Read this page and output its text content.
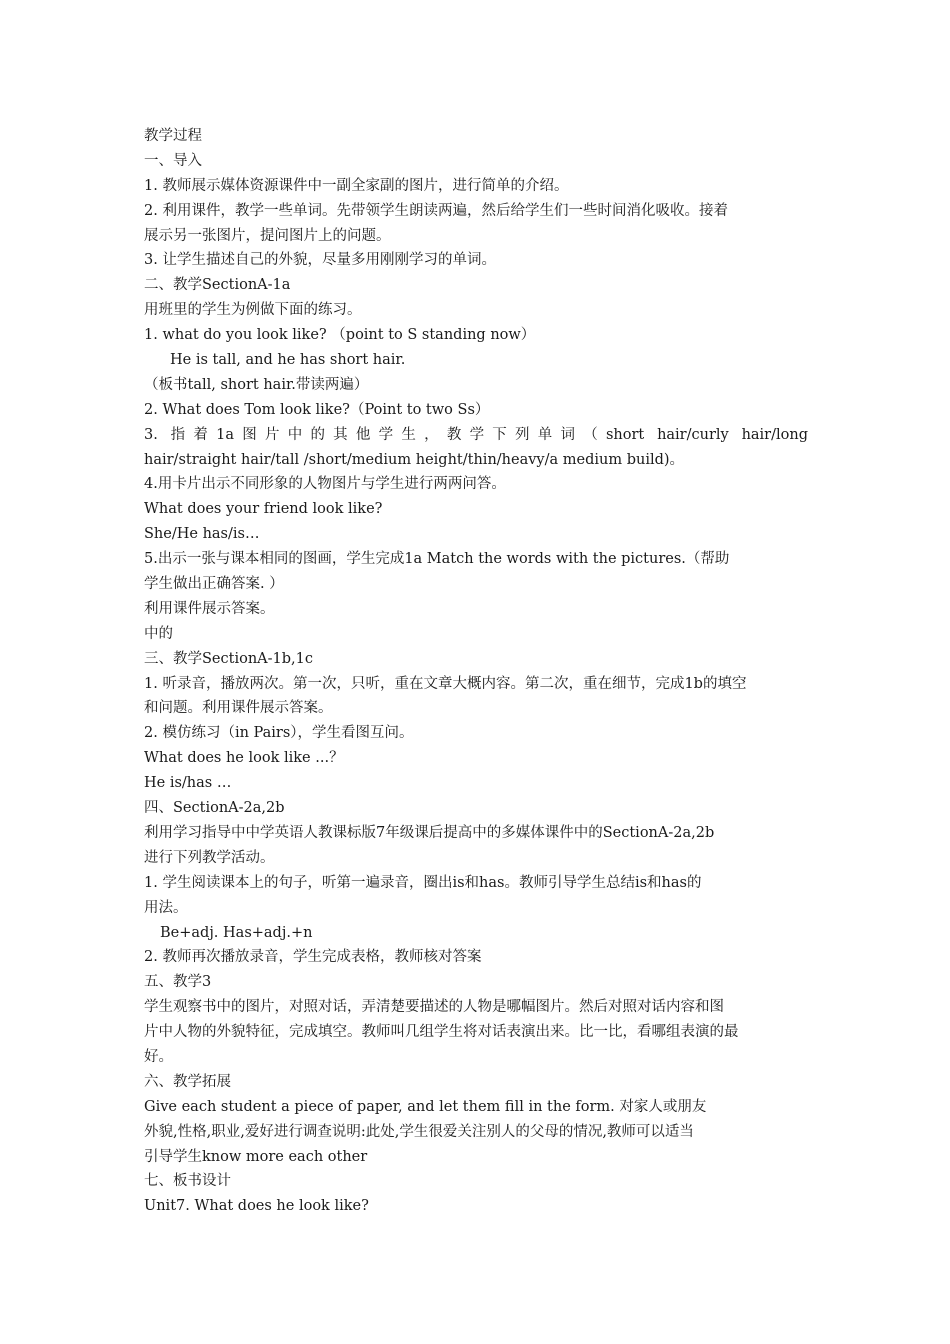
教学过程
一、导入
1. 教师展示媒体资源课件中一副全家副的图片，进行简单的介绍。
2. 利用课件，教学一些单词。先带领学生朗读两遍，然后给学生们一些时间消化吸收。接着
展示另一张图片，提问图片上的问题。
3. 让学生描述自己的外貌，尽量多用刚刚学习的单词。
二、教学SectionA-1a
用班里的学生为例做下面的练习。
1. what do you look like? （point to S standing now）
He is tall, and he has short hair.
（板书tall, short hair.带读两遍）
2. What does Tom look like?（Point to two Ss）
3. 指着1a图片中的其他学生，教学下列单词（short hair/curly hair/long
hair/straight hair/tall /short/medium height/thin/heavy/a medium build)。
4.用卡片出示不同形象的人物图片与学生进行两两问答。
What does your friend look like?
She/He has/is…
5.出示一张与课本相同的图画，学生完成1a Match the words with the pictures.（帮助
学生做出正确答案. ）
利用课件展示答案。
中的
三、教学SectionA-1b,1c
1. 听录音，播放两次。第一次，只听，重在文章大概内容。第二次，重在细节，完成1b的填空
和问题。利用课件展示答案。
2. 模仿练习（in Pairs），学生看图互问。
What does he look like ...？
He is/has …
四、SectionA-2a,2b
利用学习指导中中学英语人教课标版7年级课后提高中的多媒体课件中的SectionA-2a,2b
进行下列教学活动。
1. 学生阅读课本上的句子，听第一遍录音，圈出is和has。教师引导学生总结is和has的
用法。
Be+adj. Has+adj.+n
2. 教师再次播放录音，学生完成表格，教师核对答案
五、教学3
学生观察书中的图片，对照对话，弄清楚要描述的人物是哪幅图片。然后对照对话内容和图
片中人物的外貌特征，完成填空。教师叫几组学生将对话表演出来。比一比，看哪组表演的最
好。
六、教学拓展
Give each student a piece of paper, and let them fill in the form. 对家人或朋友
外貌,性格,职业,爱好进行调查说明:此处,学生很爱关注别人的父母的情况,教师可以适当
引导学生know more each other
七、板书设计
Unit7. What does he look like?
